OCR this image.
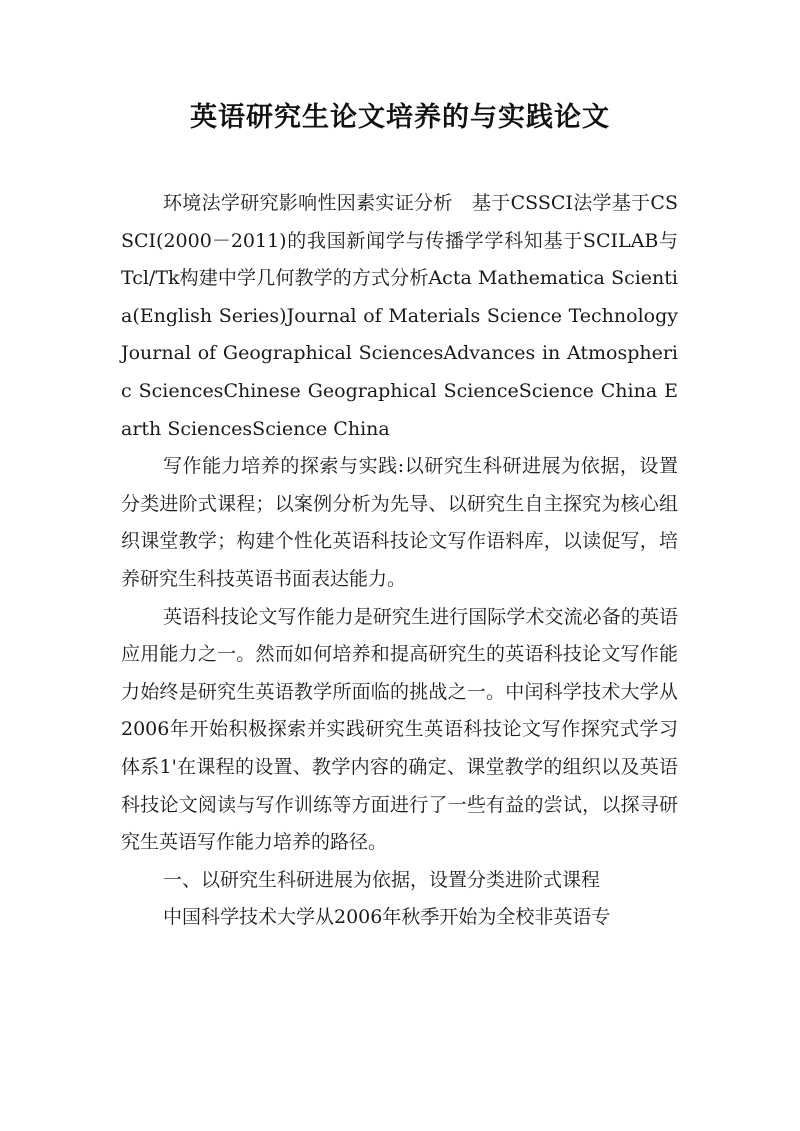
英语研究生论文培养的与实践论文

环境法学研究影响性因素实证分析　基于CSSCI法学基于CSSCI(2000－2011)的我国新闻学与传播学学科知基于SCILAB与Tcl/Tk构建中学几何教学的方式分析Acta Mathematica Scientia(English Series)Journal of Materials Science TechnologyJournal of Geographical SciencesAdvances in Atmospheric SciencesChinese Geographical ScienceScience China Earth SciencesScience China

写作能力培养的探索与实践:以研究生科研进展为依据，设置分类进阶式课程；以案例分析为先导、以研究生自主探究为核心组织课堂教学；构建个性化英语科技论文写作语料库，以读促写，培养研究生科技英语书面表达能力。

英语科技论文写作能力是研究生进行国际学术交流必备的英语应用能力之一。然而如何培养和提高研究生的英语科技论文写作能力始终是研究生英语教学所面临的挑战之一。中闰科学技术大学从2006年开始积极探索并实践研究生英语科技论文写作探究式学习体系1'在课程的设置、教学内容的确定、课堂教学的组织以及英语科技论文阅读与写作训练等方面进行了一些有益的尝试，以探寻研究生英语写作能力培养的路径。

一、以研究生科研进展为依据，设置分类进阶式课程

中国科学技术大学从2006年秋季开始为全校非英语专
